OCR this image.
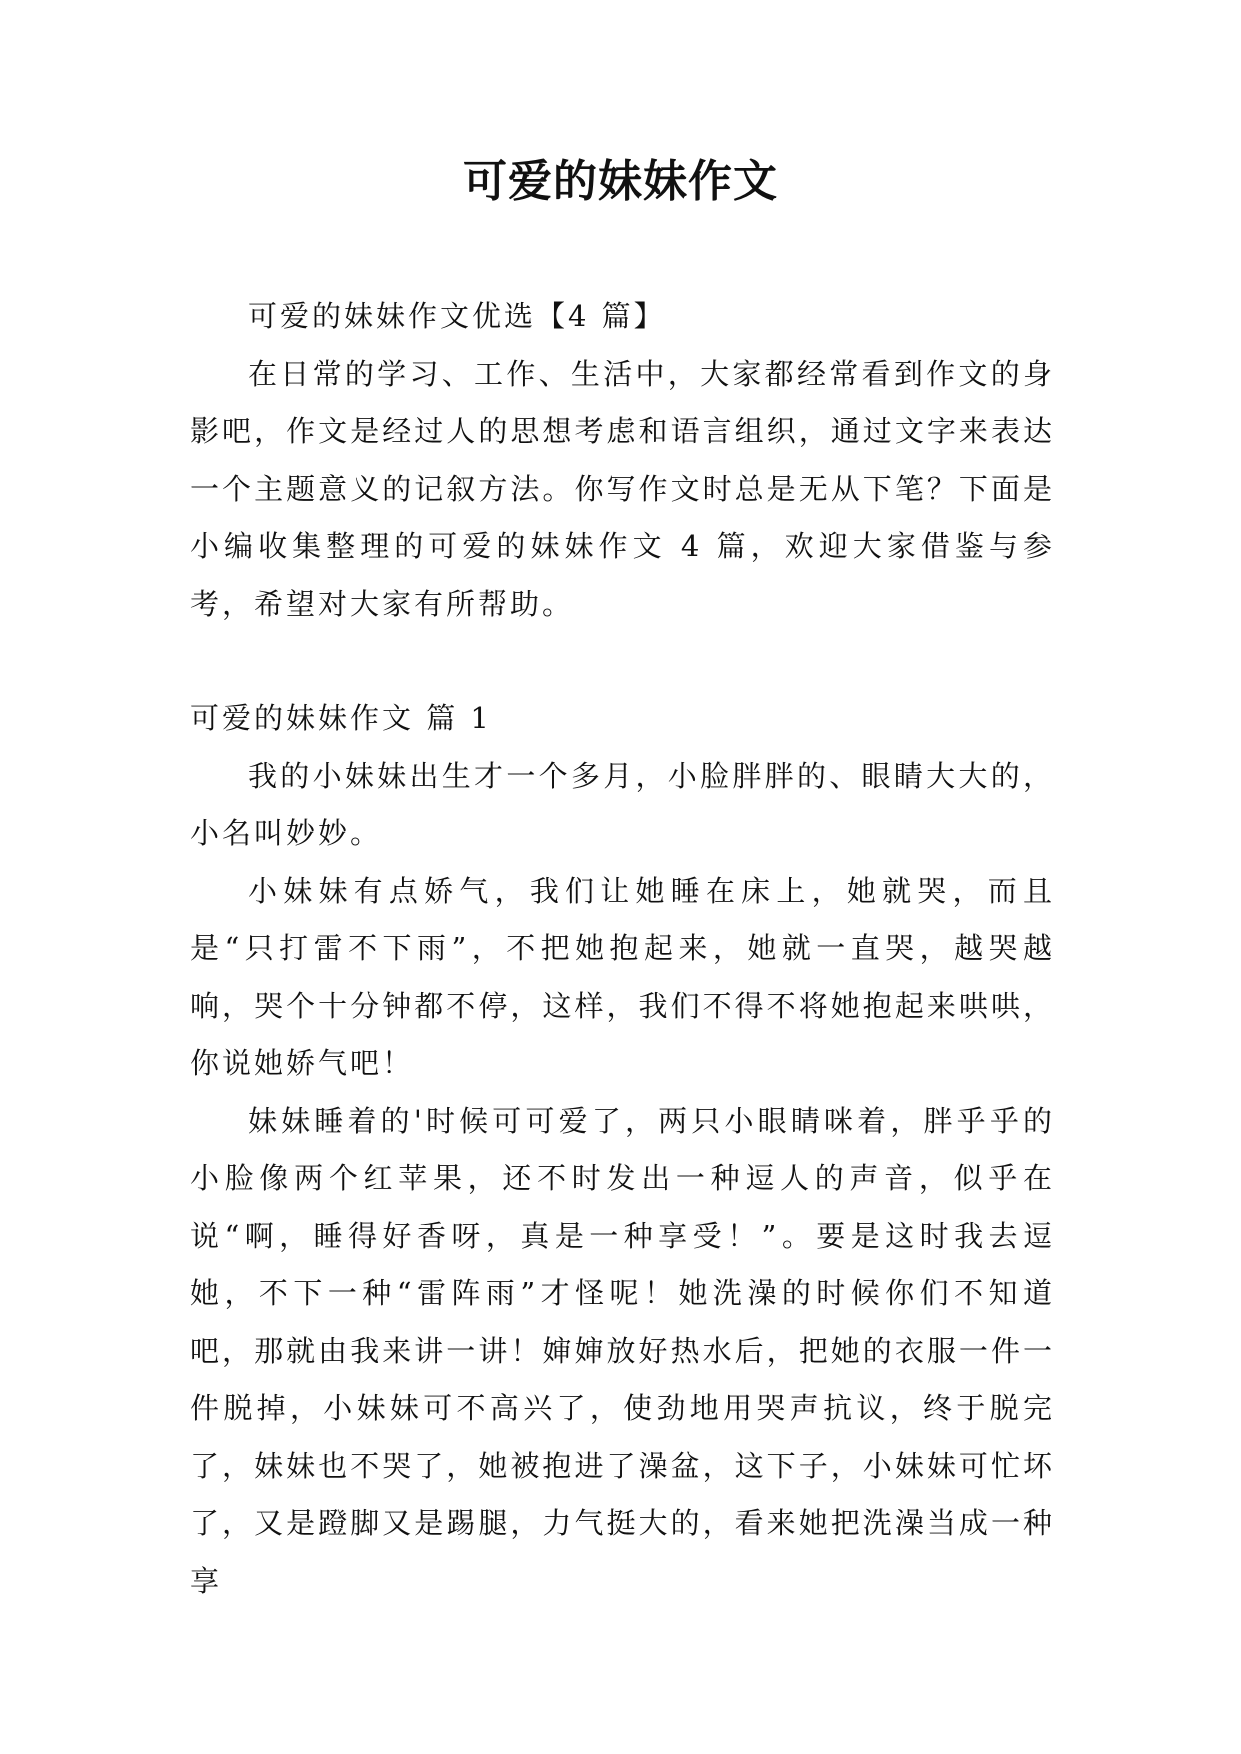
可爱的妹妹作文

可爱的妹妹作文优选【4 篇】

在日常的学习、工作、生活中，大家都经常看到作文的身影吧，作文是经过人的思想考虑和语言组织，通过文字来表达一个主题意义的记叙方法。你写作文时总是无从下笔？下面是小编收集整理的可爱的妹妹作文 4 篇，欢迎大家借鉴与参考，希望对大家有所帮助。

可爱的妹妹作文 篇 1

我的小妹妹出生才一个多月，小脸胖胖的、眼睛大大的，小名叫妙妙。

小妹妹有点娇气，我们让她睡在床上，她就哭，而且是“只打雷不下雨”，不把她抱起来，她就一直哭，越哭越响，哭个十分钟都不停，这样，我们不得不将她抱起来哄哄，你说她娇气吧！

妹妹睡着的'时候可可爱了，两只小眼睛咪着，胖乎乎的小脸像两个红苹果，还不时发出一种逗人的声音，似乎在说“啊，睡得好香呀，真是一种享受！”。要是这时我去逗她，不下一种“雷阵雨”才怪呢！她洗澡的时候你们不知道吧，那就由我来讲一讲！婶婶放好热水后，把她的衣服一件一件脱掉，小妹妹可不高兴了，使劲地用哭声抗议，终于脱完了，妹妹也不哭了，她被抱进了澡盆，这下子，小妹妹可忙坏了，又是蹬脚又是踢腿，力气挺大的，看来她把洗澡当成一种享
